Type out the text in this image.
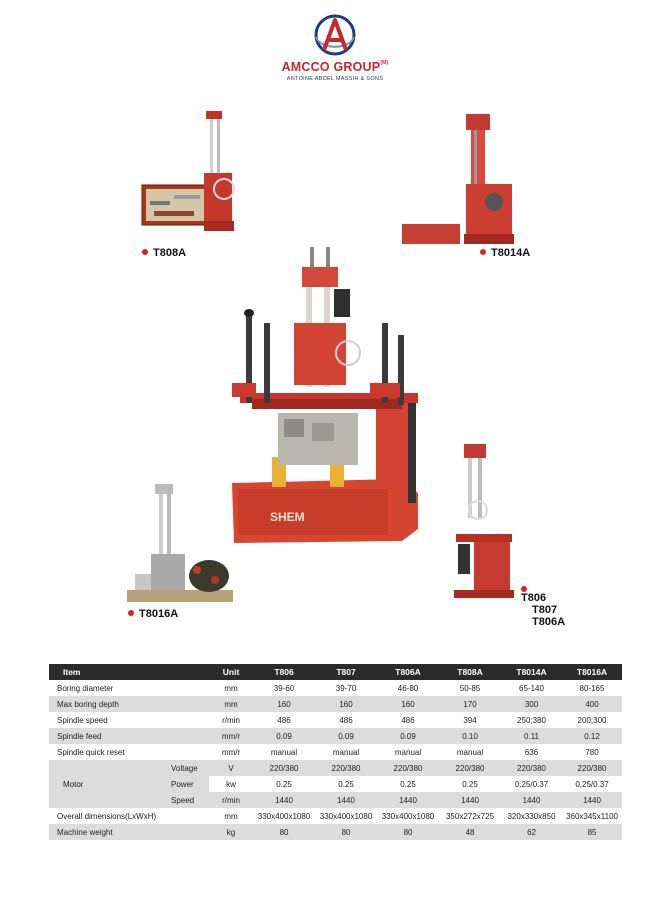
AMCCO $GROUP^{(M)}$
ANTOINE ABDEL MASSIH & SONS
T808A	T8014A
SHEM
T8016A
T806
T807
T806A
Item		Unit	T806	T807	T806A	T808A	T8014A	T8016A
Boring diameter		mm	39-60	39-70	46-80	50-85	65-140	80-165
Max boring depth		mm	160	160	160	170	300	400
Spindle speed		r/min	486	486	486	394	250;380	200;300
Spindle feed		mm/r	0.09	0.09	0.09	0.10	0.11	0.12
Spindle quick reset		mm/r	manual	manual	manual	manual	636	780
Motor	Voltage	V	220/380	220/380	220/380	220/380	220/380	220/380
	Power	kw	0.25	0.25	0.25	0.25	0.25/0.37	0.25/0.37
	Speed	r/min	1440	1440	1440	1440	1440	1440
Overall dimensions(LxWxH)		mm	330x400x1080	330x400x1080	330x400x1080	350x272x725	320x330x850	360x345x1100
Machine weight		kg	80	80	80	48	62	85
